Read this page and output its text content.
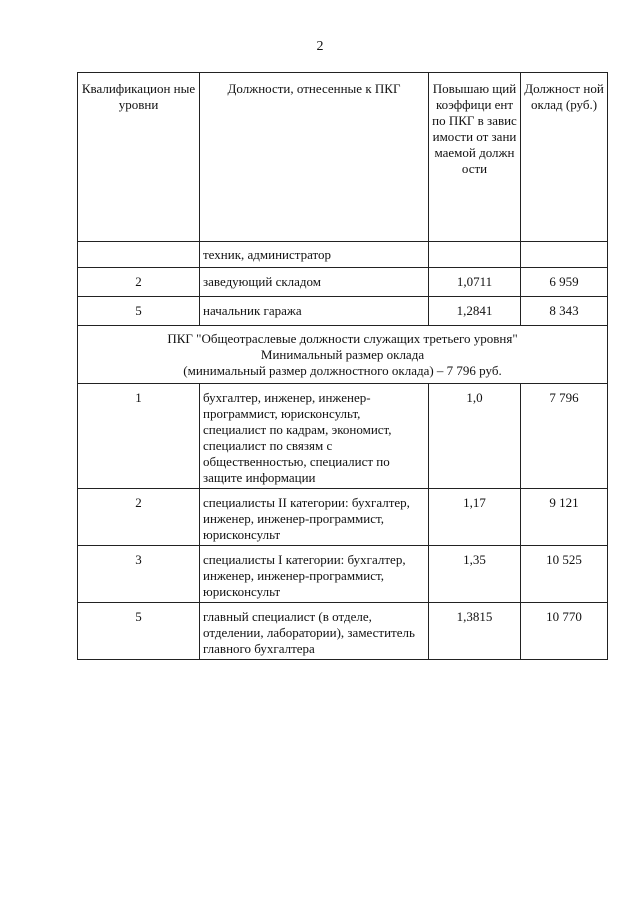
2
Квалификацион ные уровни	Должности, отнесенные к ПКГ	Повышаю щий коэффици ент по ПКГ в зависимости от занимаемой должности	Должност ной оклад (руб.)
	техник, администратор		
2	заведующий складом	1,0711	6 959
5	начальник гаража	1,2841	8 343

ПКГ "Общеотраслевые должности служащих третьего уровня"
Минимальный размер оклада
(минимальный размер должностного оклада) – 7 796 руб.			

1	бухгалтер, инженер, инженер-программист, юрисконсульт, специалист по кадрам, экономист, специалист по связям с общественностью, специалист по защите информации	1,0	7 796
2	специалисты II категории: бухгалтер, инженер, инженер-программист, юрисконсульт	1,17	9 121
3	специалисты I категории: бухгалтер, инженер, инженер-программист, юрисконсульт	1,35	10 525
5	главный специалист (в отделе, отделении, лаборатории), заместитель главного бухгалтера	1,3815	10 770
